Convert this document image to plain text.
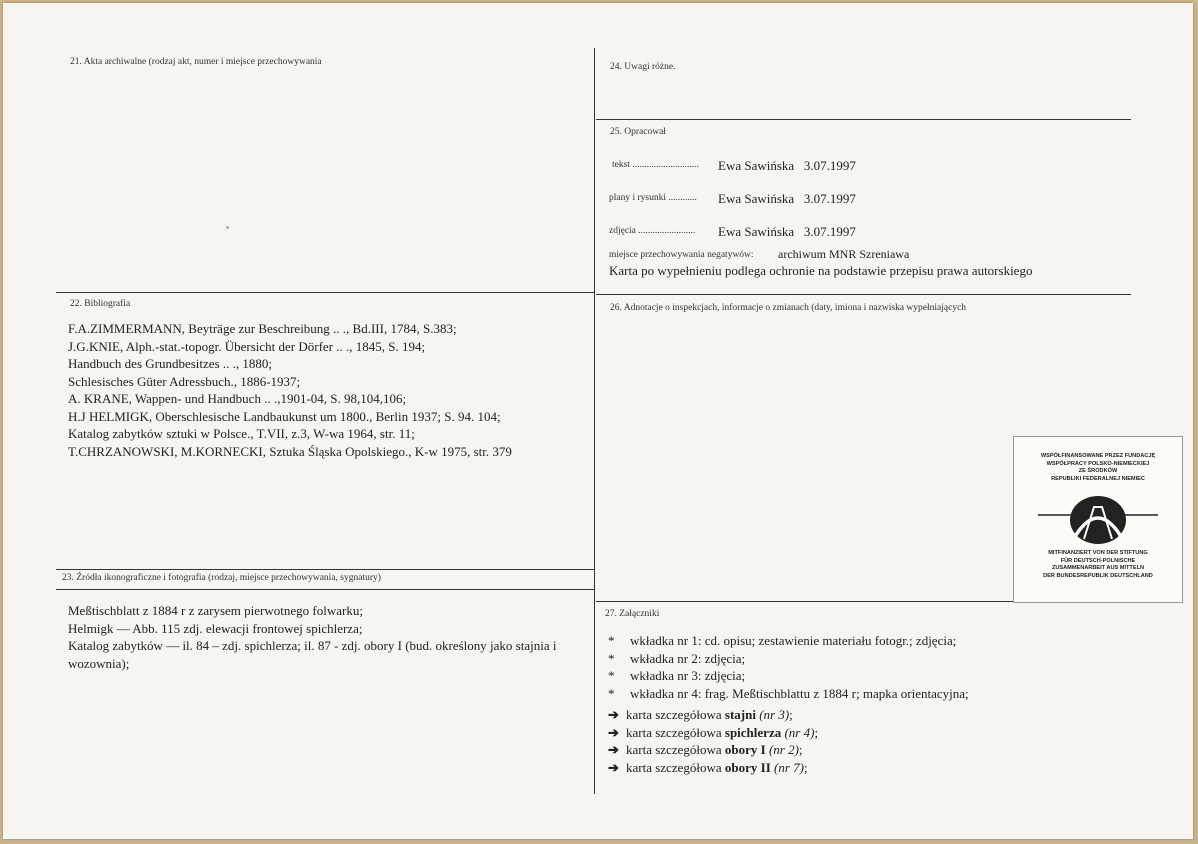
21. Akta archiwalne (rodzaj akt, numer i miejsce przechowywania	24. Uwagi różne.
25. Opracował
tekst ............................ Ewa Sawińska   3.07.1997
plany i rysunki ............ Ewa Sawińska   3.07.1997
zdjęcia ........................ Ewa Sawińska   3.07.1997
miejsce przechowywania negatywów: archiwum MNR Szreniawa
Karta po wypełnieniu podlega ochronie na podstawie przepisu prawa autorskiego
22. Bibliografia
F.A.ZIMMERMANN, Beyträge zur Beschreibung .. ., Bd.III, 1784, S.383;
J.G.KNIE, Alph.-stat.-topogr. Übersicht der Dörfer .. ., 1845, S. 194;
Handbuch des Grundbesitzes .. ., 1880;
Schlesisches Güter Adressbuch., 1886-1937;
A. KRANE, Wappen- und Handbuch .. .,1901-04, S. 98,104,106;
H.J HELMIGK, Oberschlesische Landbaukunst um 1800., Berlin 1937; S. 94. 104;
Katalog zabytków sztuki w Polsce., T.VII, z.3, W-wa 1964, str. 11;
T.CHRZANOWSKI, M.KORNECKI, Sztuka Śląska Opolskiego., K-w 1975, str. 379
26. Adnotacje o inspekcjach, informacje o zmianach (daty, imiona i nazwiska wypełniających
WSPÓŁFINANSOWANE PRZEZ FUNDACJĘ
WSPÓŁPRACY POLSKO-NIEMIECKIEJ
ZE ŚRODKÓW
REPUBLIKI FEDERALNEJ NIEMIEC
MITFINANZIERT VON DER STIFTUNG
FÜR DEUTSCH-POLNISCHE
ZUSAMMENARBEIT AUS MITTELN
DER BUNDESREPUBLIK DEUTSCHLAND
23. Źródła ikonograficzne i fotografia (rodzaj, miejsce przechowywania, sygnatury)
Meßtischblatt z 1884 r z zarysem pierwotnego folwarku;
Helmigk — Abb. 115 zdj. elewacji frontowej spichlerza;
Katalog zabytków — il. 84 – zdj. spichlerza; il. 87 - zdj. obory I (bud. określony jako stajnia i
wozownia);
27. Załączniki
* wkładka nr 1: cd. opisu; zestawienie materiału fotogr.; zdjęcia;
* wkładka nr 2: zdjęcia;
* wkładka nr 3: zdjęcia;
* wkładka nr 4: frag. Meßtischblattu z 1884 r; mapka orientacyjna;
➔ karta szczegółowa stajni (nr 3);
➔ karta szczegółowa spichlerza (nr 4);
➔ karta szczegółowa obory I (nr 2);
➔ karta szczegółowa obory II (nr 7);
